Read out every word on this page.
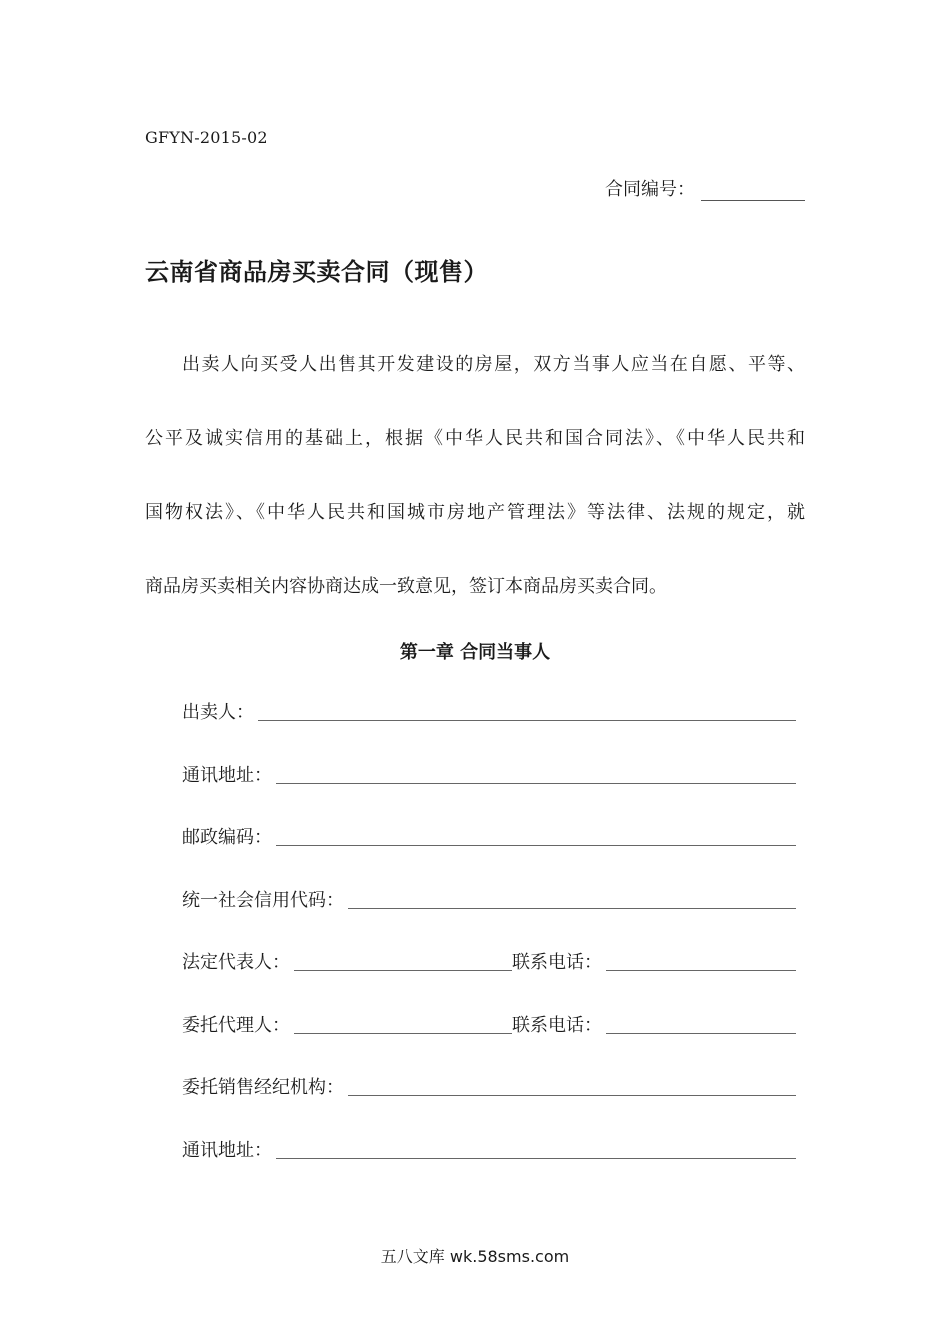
GFYN-2015-02
合同编号：
云南省商品房买卖合同（现售）
出卖人向买受人出售其开发建设的房屋，双方当事人应当在自愿、平等、
公平及诚实信用的基础上，根据《中华人民共和国合同法》、《中华人民共和
国物权法》、《中华人民共和国城市房地产管理法》等法律、法规的规定，就
商品房买卖相关内容协商达成一致意见，签订本商品房买卖合同。
第一章 合同当事人
出卖人：
通讯地址：
邮政编码：
统一社会信用代码：
法定代表人：	联系电话：
委托代理人：	联系电话：
委托销售经纪机构：
通讯地址：
五八文库 wk.58sms.com
